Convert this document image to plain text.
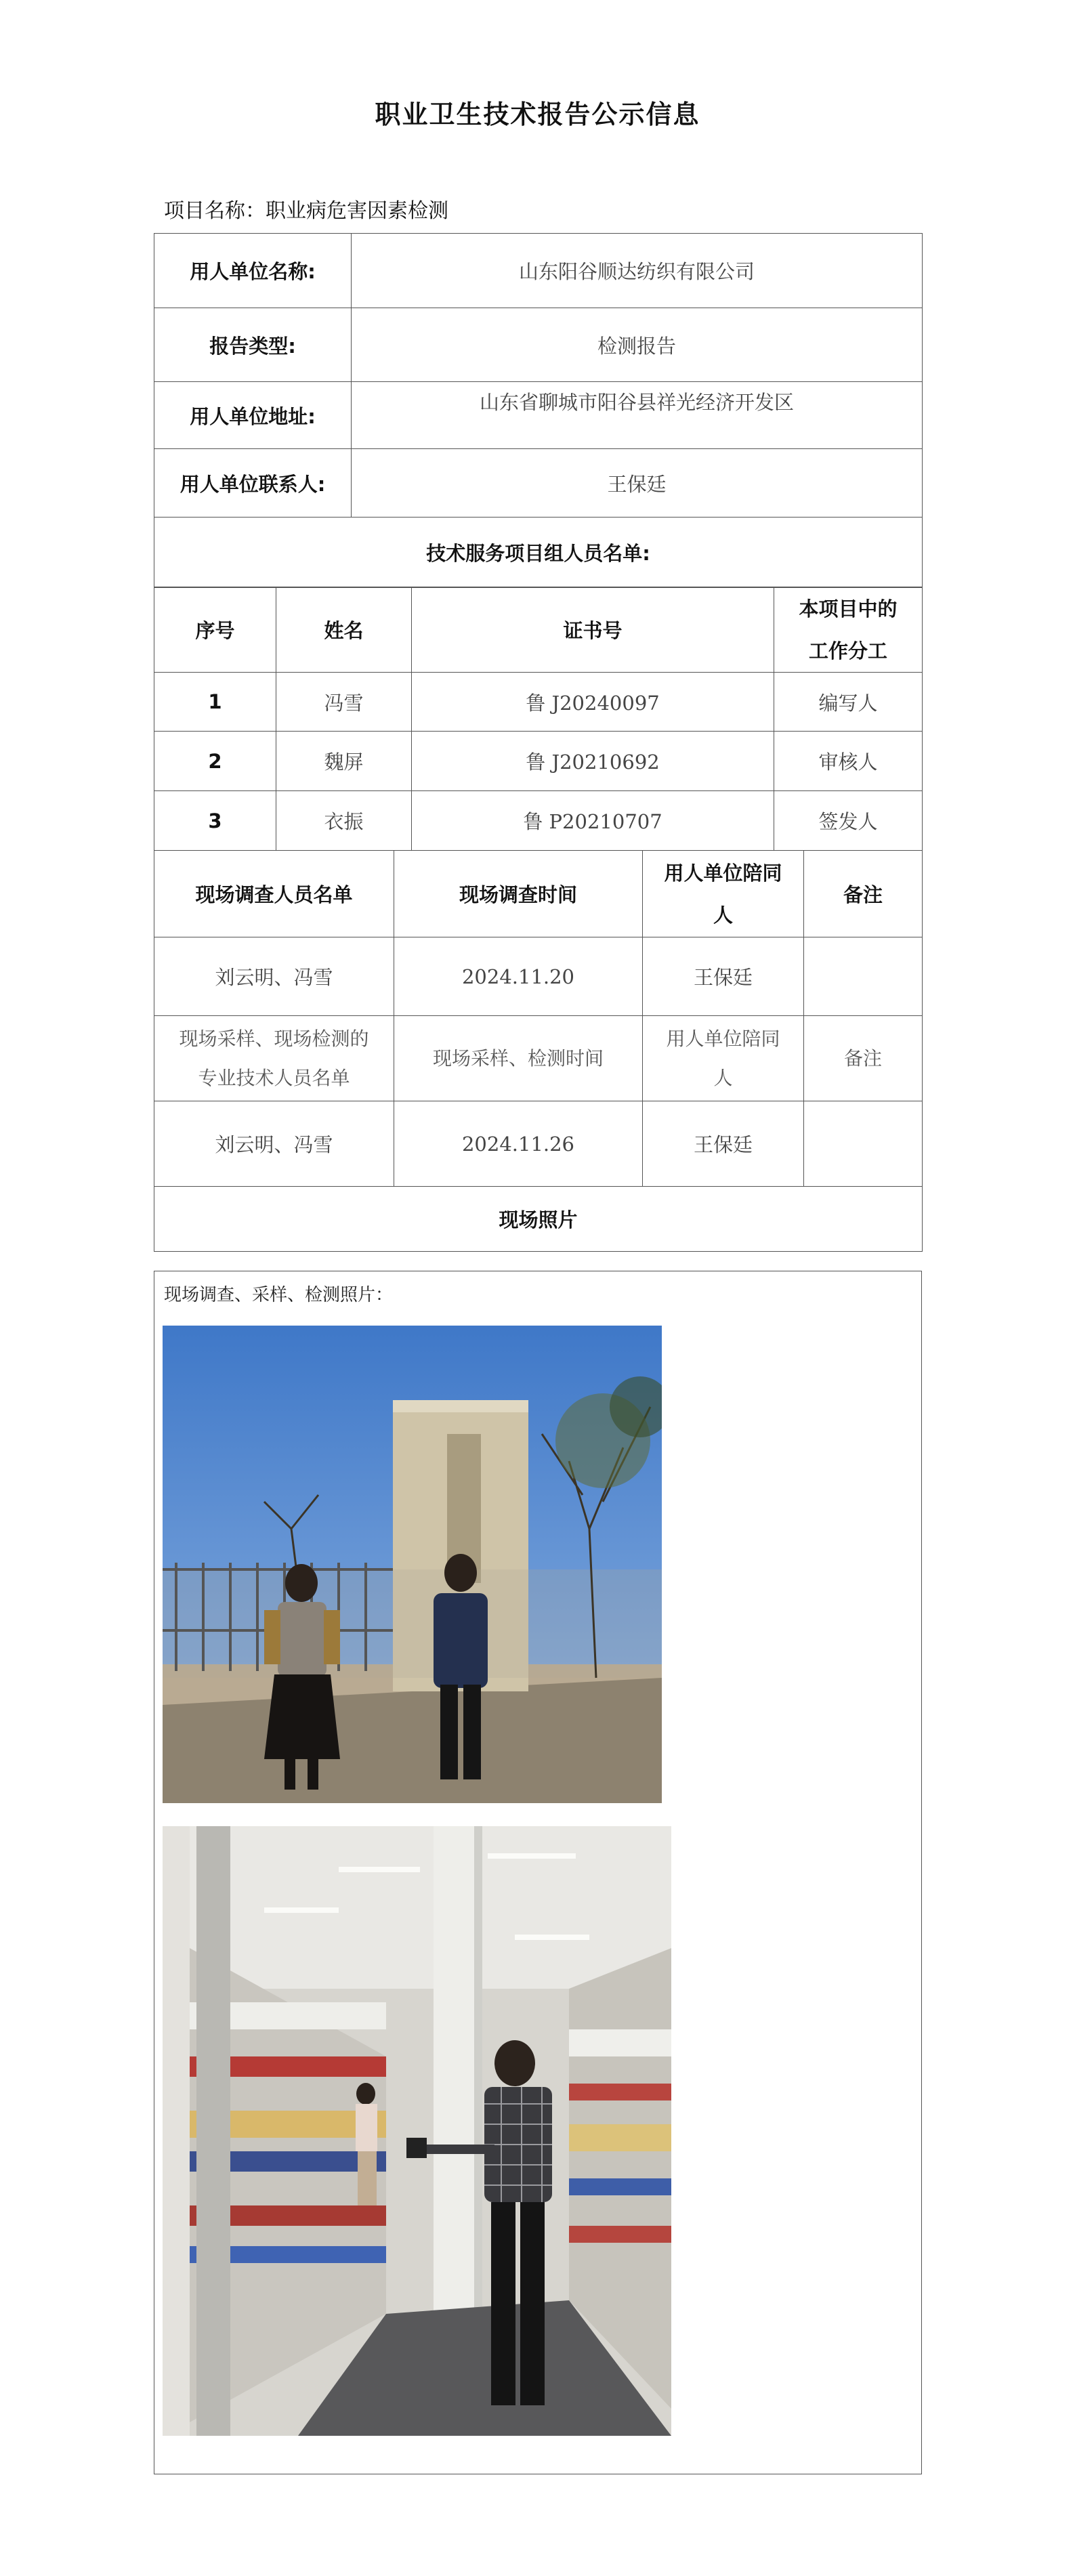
职业卫生技术报告公示信息
项目名称：职业病危害因素检测
用人单位名称:	山东阳谷顺达纺织有限公司
报告类型:	检测报告
用人单位地址:	山东省聊城市阳谷县祥光经济开发区
用人单位联系人:	王保廷
技术服务项目组人员名单:	
序号	姓名	证书号	本项目中的
工作分工
1	冯雪	鲁 J20240097	编写人
2	魏屏	鲁 J20210692	审核人
3	衣振	鲁 P20210707	签发人
现场调查人员名单	现场调查时间	用人单位陪同
人	备注
刘云明、冯雪	2024.11.20	王保廷	
现场采样、现场检测的
专业技术人员名单	现场采样、检测时间	用人单位陪同
人	备注
刘云明、冯雪	2024.11.26	王保廷	
现场照片			
现场调查、采样、检测照片：
